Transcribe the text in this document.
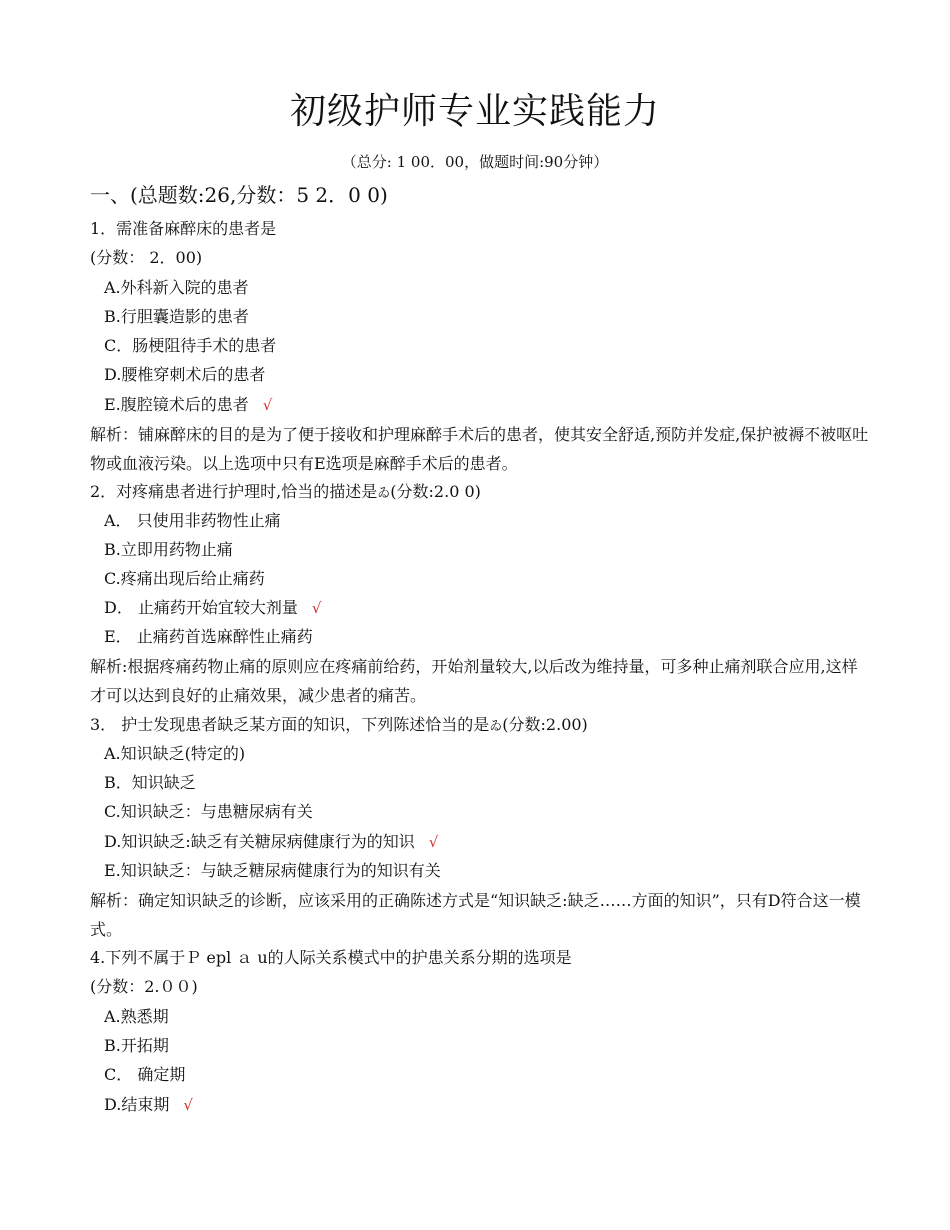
初级护师专业实践能力
（总分: 1 00．00，做题时间:90分钟）
一、(总题数:26,分数：5 2．0 0)
1．需准备麻醉床的患者是
(分数： 2．00)
A.外科新入院的患者
B.行胆囊造影的患者
C．肠梗阻待手术的患者
D.腰椎穿刺术后的患者
E.腹腔镜术后的患者 √
解析：铺麻醉床的目的是为了便于接收和护理麻醉手术后的患者，使其安全舒适,预防并发症,保护被褥不被呕吐物或血液污染。以上选项中只有E选项是麻醉手术后的患者。
2．对疼痛患者进行护理时,恰当的描述是ゐ(分数:2.0 0)
A． 只使用非药物性止痛
B.立即用药物止痛
C.疼痛出现后给止痛药
D． 止痛药开始宜较大剂量 √
E． 止痛药首选麻醉性止痛药
解析:根据疼痛药物止痛的原则应在疼痛前给药，开始剂量较大,以后改为维持量，可多种止痛剂联合应用,这样才可以达到良好的止痛效果，减少患者的痛苦。
3． 护士发现患者缺乏某方面的知识，下列陈述恰当的是ゐ(分数:2.00)
A.知识缺乏(特定的)
B．知识缺乏
C.知识缺乏：与患糖尿病有关
D.知识缺乏:缺乏有关糖尿病健康行为的知识 √
E.知识缺乏：与缺乏糖尿病健康行为的知识有关
解析：确定知识缺乏的诊断，应该采用的正确陈述方式是“知识缺乏:缺乏……方面的知识”，只有D符合这一模式。
4.下列不属于Ｐ epl ａ u的人际关系模式中的护患关系分期的选项是
(分数：2.００)
A.熟悉期
B.开拓期
C． 确定期
D.结束期 √
